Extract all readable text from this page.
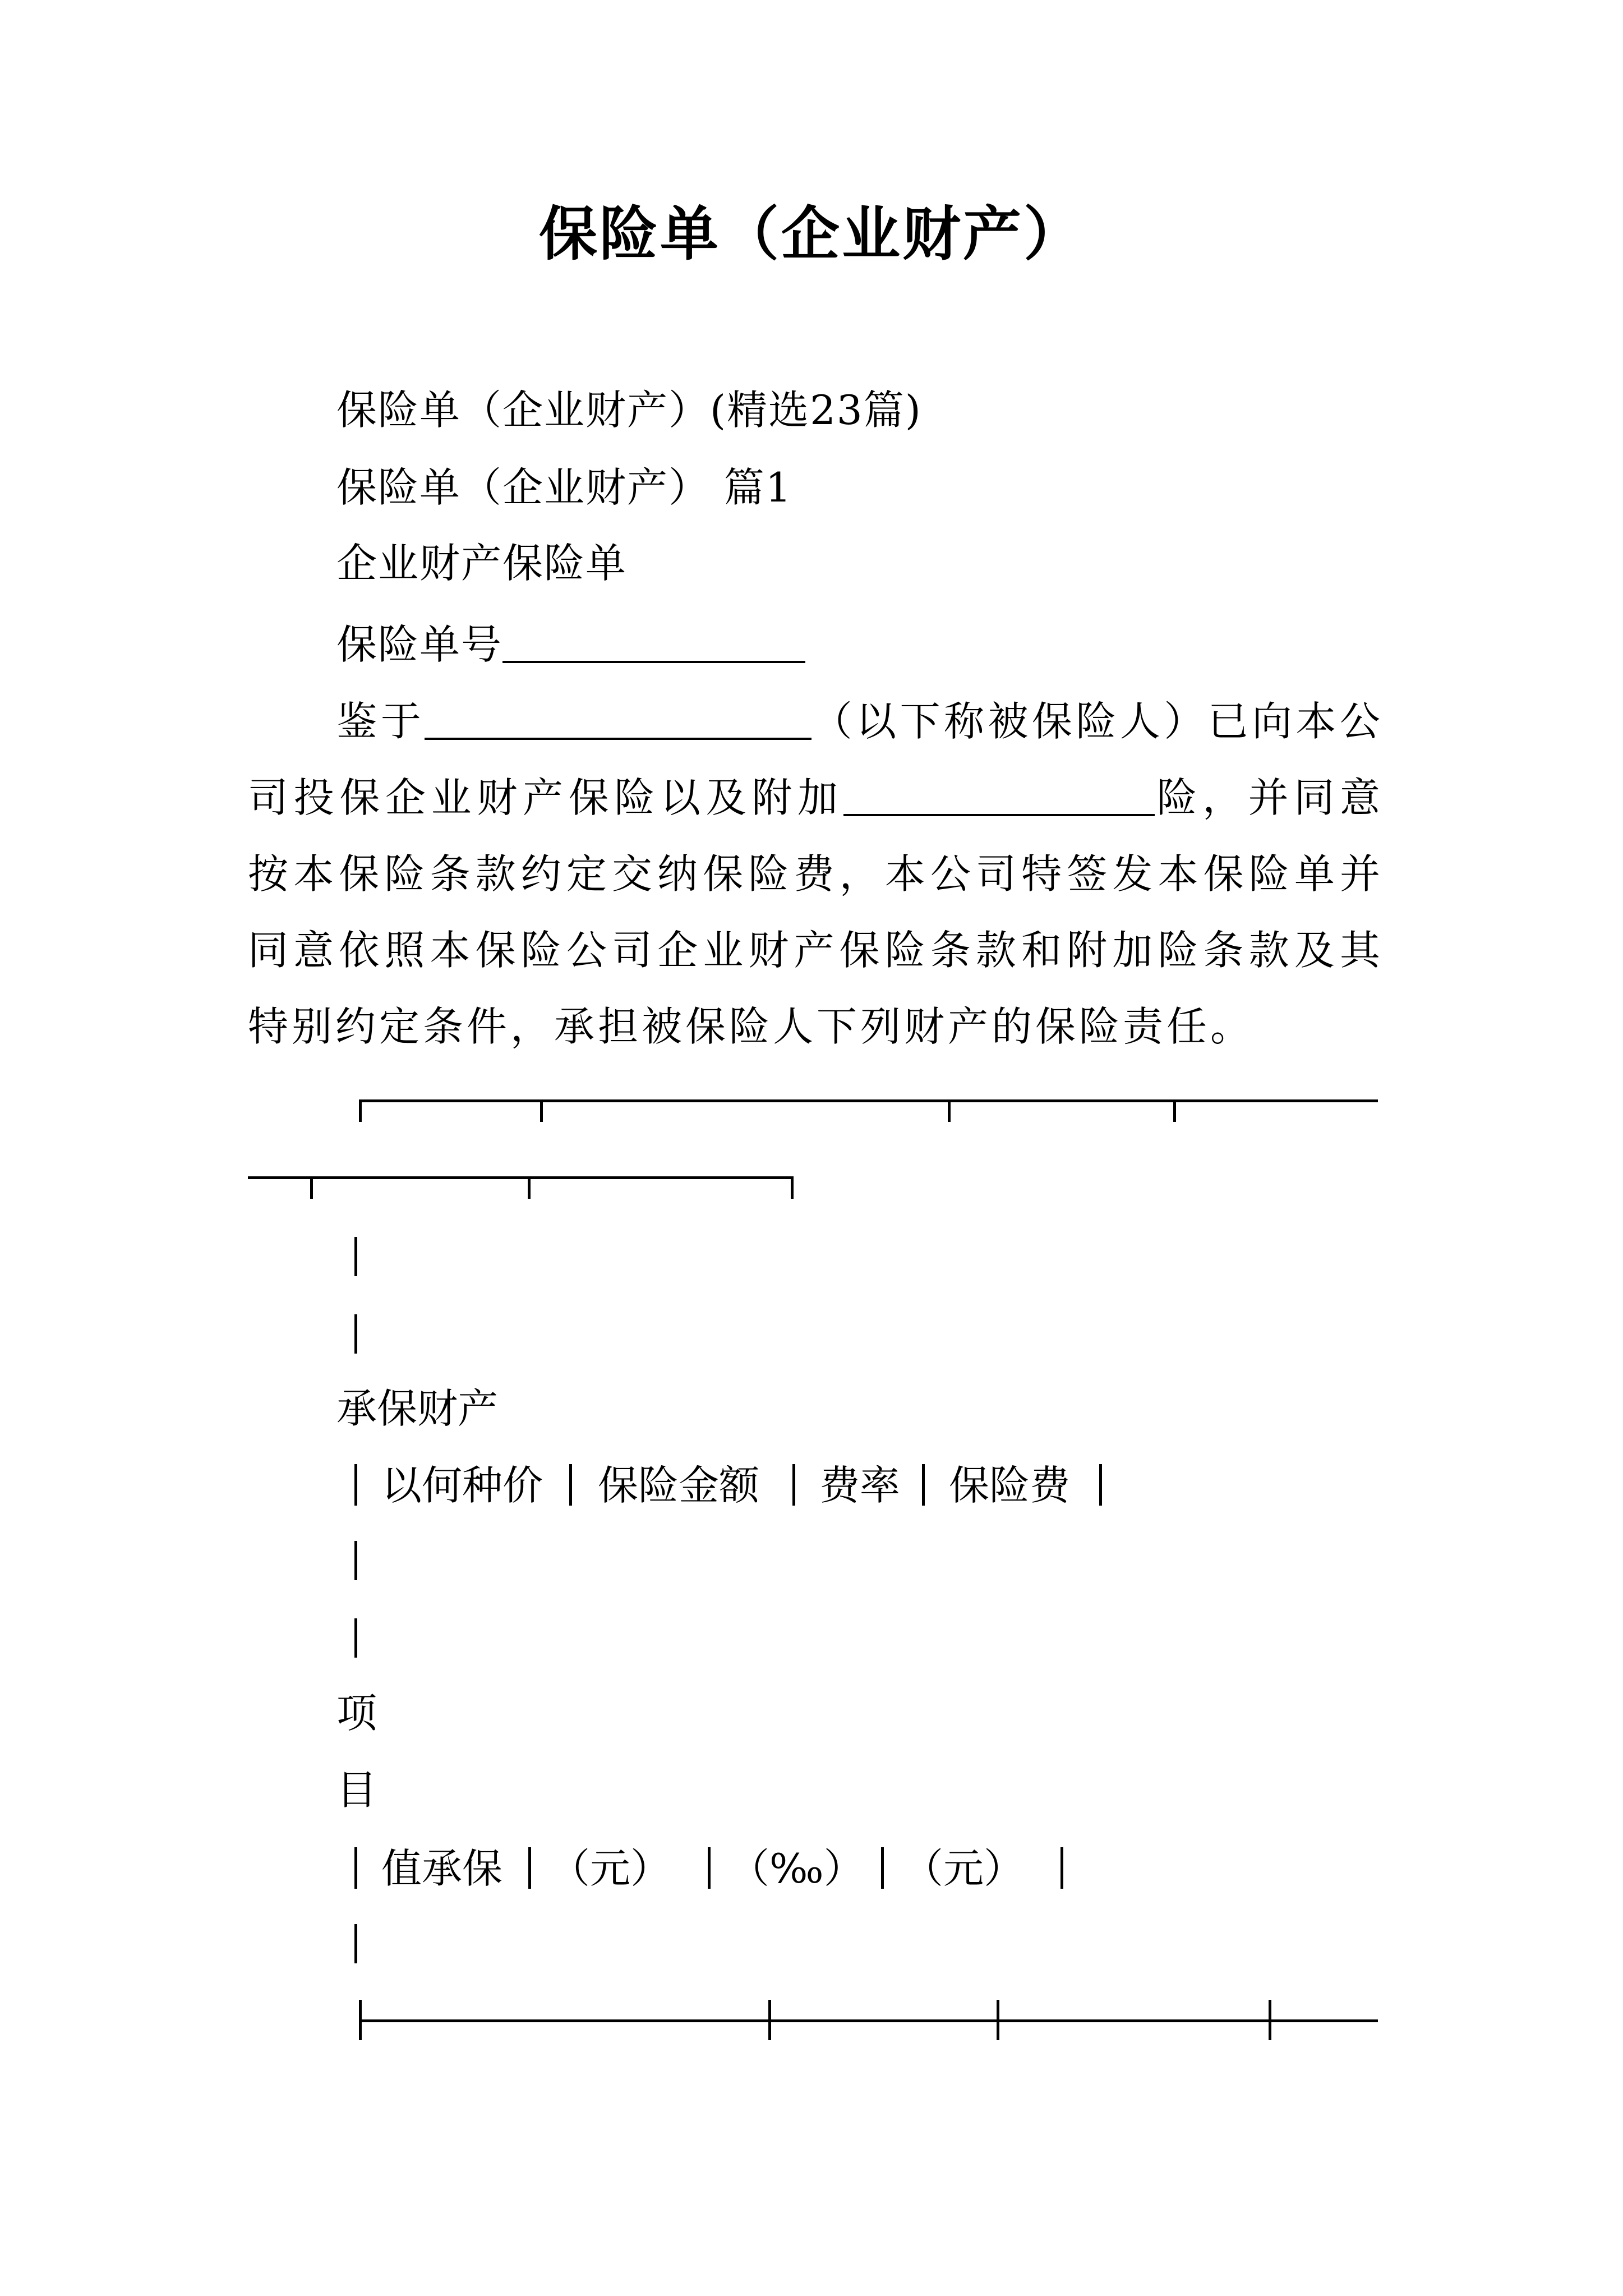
保险单（企业财产）
保险单（企业财产）(精选23篇)
保险单（企业财产） 篇1
企业财产保险单
保险单号
鉴于	（以下称被保险人）已向本公司投保企业财产保险以及附加	险，并同意按本保险条款约定交纳保险费，本公司特签发本保险单并同意依照本保险公司企业财产保险条款和附加险条款及其特别约定条件，承担被保险人下列财产的保险责任。
承保财产
以何种价 保险金额 费率 保险费
项
目
值承保 （元） （‰） （元）
